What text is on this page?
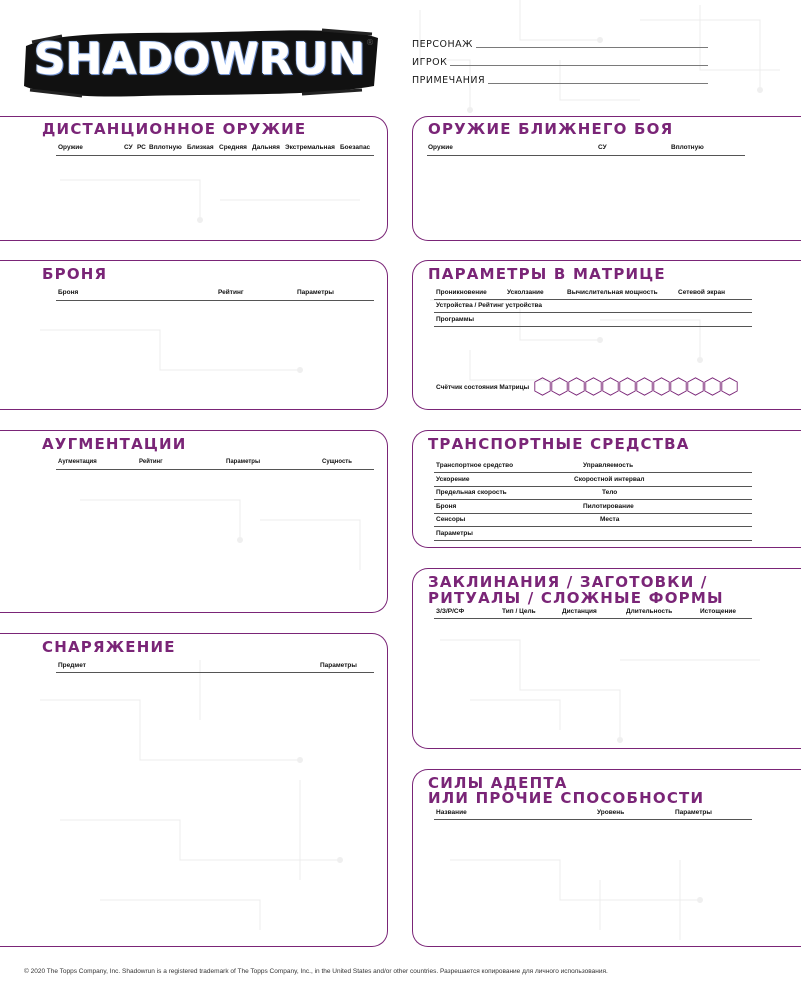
SHADOWRUN ®	ПЕРСОНАЖ
ИГРОК
ПРИМЕЧАНИЯ
ДИСТАНЦИОННОЕ ОРУЖИЕ
Оружие	СУ РС Вплотную Близкая Средняя Дальняя Экстремальная Боезапас
ОРУЖИЕ БЛИЖНЕГО БОЯ
Оружие	СУ	Вплотную
БРОНЯ
Броня	Рейтинг	Параметры
ПАРАМЕТРЫ В МАТРИЦЕ
Проникновение	Усколзание	Вычислительная мощность	Сетевой экран
Устройства / Рейтинг устройства
Программы
Счётчик состояния Матрицы
АУГМЕНТАЦИИ
Аугментация	Рейтинг	Параметры	Сущность
ТРАНСПОРТНЫЕ СРЕДСТВА
Транспортное средство	Управляемость
Ускорение	Скоростной интервал
Предельная скорость	Тело
Броня	Пилотирование
Сенсоры	Места
Параметры
ЗАКЛИНАНИЯ / ЗАГОТОВКИ /
РИТУАЛЫ / СЛОЖНЫЕ ФОРМЫ
З/З/Р/СФ	Тип / Цель	Дистанция	Длительность	Истощение
СНАРЯЖЕНИЕ
Предмет	Параметры
СИЛЫ АДЕПТА
ИЛИ ПРОЧИЕ СПОСОБНОСТИ
Название	Уровень	Параметры
© 2020 The Topps Company, Inc. Shadowrun is a registered trademark of The Topps Company, Inc., in the United States and/or other countries. Разрешается копирование для личного использования.
